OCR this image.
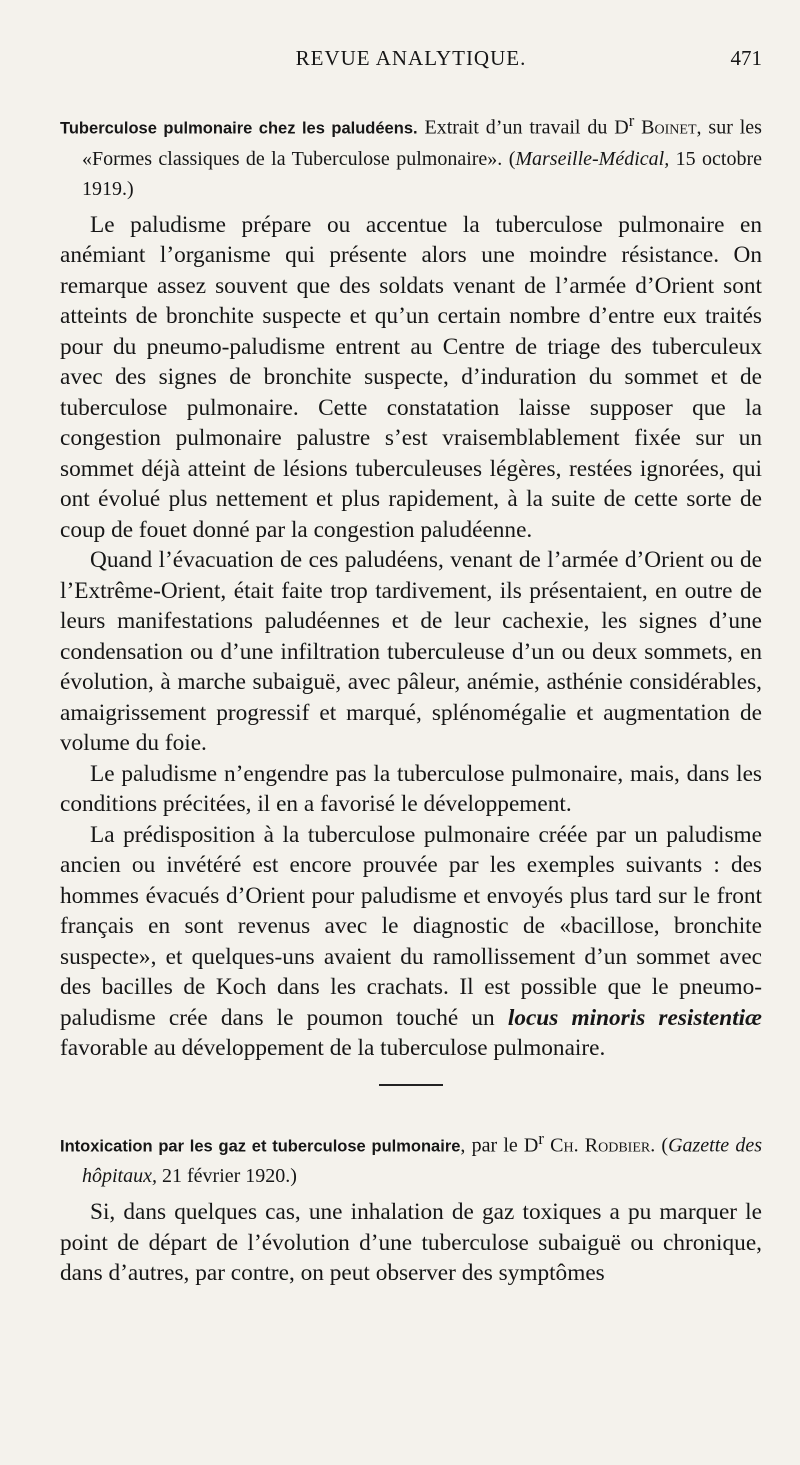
REVUE ANALYTIQUE.	471

Tuberculose pulmonaire chez les paludéens. Extrait d’un travail du $D^r$ Boinet, sur les «Formes classiques de la Tuberculose pulmonaire». (Marseille-Médical, 15 octobre 1919.)

Le paludisme prépare ou accentue la tuberculose pulmonaire en anémiant l’organisme qui présente alors une moindre résistance. On remarque assez souvent que des soldats venant de l’armée d’Orient sont atteints de bronchite suspecte et qu’un certain nombre d’entre eux traités pour du pneumo-paludisme entrent au Centre de triage des tuberculeux avec des signes de bronchite suspecte, d’induration du sommet et de tuberculose pulmonaire. Cette constatation laisse supposer que la congestion pulmonaire palustre s’est vraisemblablement fixée sur un sommet déjà atteint de lésions tuberculeuses légères, restées ignorées, qui ont évolué plus nettement et plus rapidement, à la suite de cette sorte de coup de fouet donné par la congestion paludéenne.

Quand l’évacuation de ces paludéens, venant de l’armée d’Orient ou de l’Extrême-Orient, était faite trop tardivement, ils présentaient, en outre de leurs manifestations paludéennes et de leur cachexie, les signes d’une condensation ou d’une infiltration tuberculeuse d’un ou deux sommets, en évolution, à marche subaiguë, avec pâleur, anémie, asthénie considérables, amaigrissement progressif et marqué, splénomégalie et augmentation de volume du foie.

Le paludisme n’engendre pas la tuberculose pulmonaire, mais, dans les conditions précitées, il en a favorisé le développement.

La prédisposition à la tuberculose pulmonaire créée par un paludisme ancien ou invétéré est encore prouvée par les exemples suivants : des hommes évacués d’Orient pour paludisme et envoyés plus tard sur le front français en sont revenus avec le diagnostic de «bacillose, bronchite suspecte», et quelques-uns avaient du ramollissement d’un sommet avec des bacilles de Koch dans les crachats. Il est possible que le pneumo-paludisme crée dans le poumon touché un locus minoris resistentiæ favorable au développement de la tuberculose pulmonaire.

Intoxication par les gaz et tuberculose pulmonaire, par le $D^r$ Ch. Rodbier. (Gazette des hôpitaux, 21 février 1920.)

Si, dans quelques cas, une inhalation de gaz toxiques a pu marquer le point de départ de l’évolution d’une tuberculose subaiguë ou chronique, dans d’autres, par contre, on peut observer des symptômes
